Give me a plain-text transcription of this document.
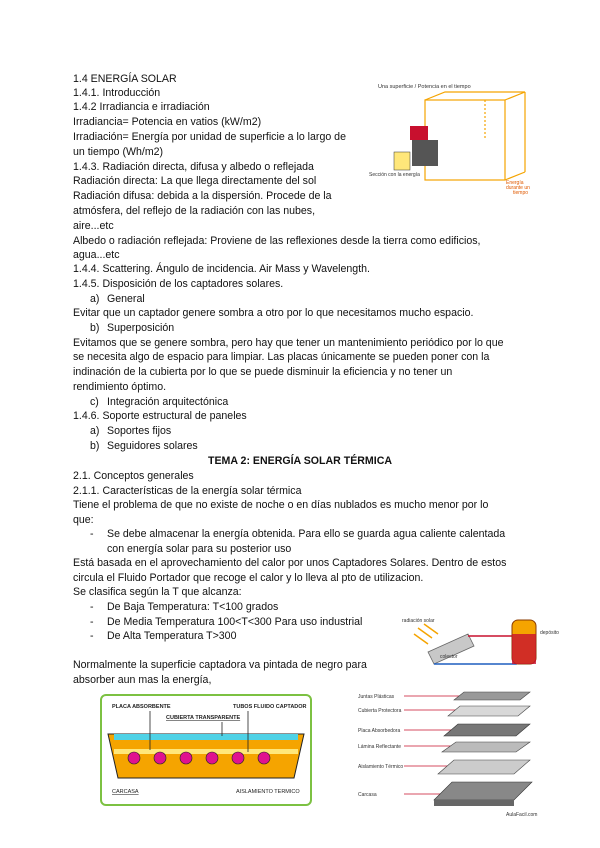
1.4 ENERGÍA SOLAR
1.4.1. Introducción
1.4.2 Irradiancia e irradiación
Irradiancia= Potencia en vatios (kW/m2)
Irradiación= Energía por unidad de superficie a lo largo de
un tiempo (Wh/m2)
1.4.3. Radiación directa, difusa y albedo o reflejada
Radiación directa: La que llega directamente del sol
Radiación difusa: debida a la dispersión. Procede de la
atmósfera, del reflejo de la radiación con las nubes,
aire...etc
Albedo o radiación reflejada: Proviene de las reflexiones desde la tierra como edificios,
agua...etc
1.4.4. Scattering. Ángulo de incidencia. Air Mass y Wavelength.
1.4.5. Disposición de los captadores solares.
a) General
Evitar que un captador genere sombra a otro por lo que necesitamos mucho espacio.
b) Superposición
Evitamos que se genere sombra, pero hay que tener un mantenimiento periódico por lo que
se necesita algo de espacio para limpiar. Las placas únicamente se pueden poner con la
indinación de la cubierta por lo que se puede disminuir la eficiencia y no tener un
rendimiento óptimo.
c) Integración arquitectónica
1.4.6. Soporte estructural de paneles
a) Soportes fijos
b) Seguidores solares
TEMA 2: ENERGÍA SOLAR TÉRMICA
2.1. Conceptos generales
2.1.1. Características de la energía solar térmica
Tiene el problema de que no existe de noche o en días nublados es mucho menor por lo
que:
- Se debe almacenar la energía obtenida. Para ello se guarda agua caliente calentada
con energía solar para su posterior uso
Está basada en el aprovechamiento del calor por unos Captadores Solares. Dentro de estos
circula el Fluido Portador que recoge el calor y lo lleva al pto de utilizacion.
Se clasifica según la T que alcanza:
- De Baja Temperatura: T<100 grados
- De Media Temperatura 100<T<300 Para uso industrial
- De Alta Temperatura T>300
Normalmente la superficie captadora va pintada de negro para
absorber aun mas la energía,
Una superficie / Potencia en el tiempo
Sección con la energía
Energía
durante un
tiempo
radiación solar
colector
depósito
PLACA ABSORBENTE	TUBOS FLUIDO CAPTADOR
CUBIERTA TRANSPARENTE
CARCASA	AISLAMIENTO TERMICO
Juntas Plásticas
Cubierta Protectora
Placa Absorbedora
Lámina Reflectante
Aislamiento Térmico
Carcasa
AulaFacil.com
